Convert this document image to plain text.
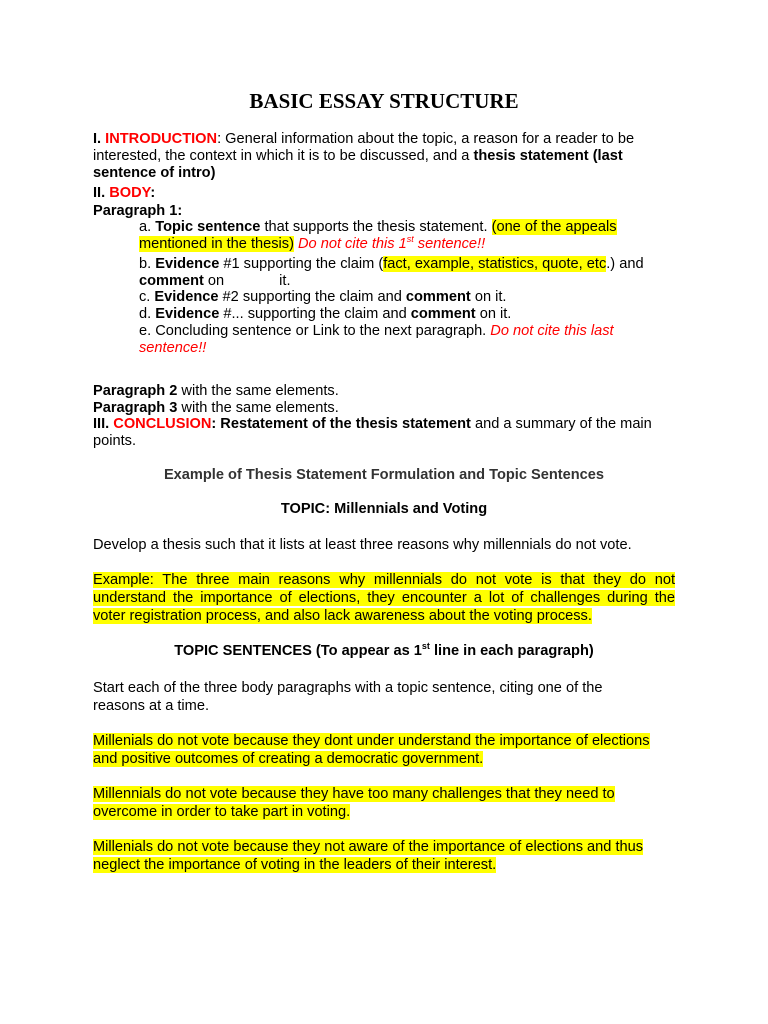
BASIC ESSAY STRUCTURE

I. INTRODUCTION: General information about the topic, a reason for a reader to be interested, the context in which it is to be discussed, and a thesis statement (last sentence of intro)

II. BODY:

Paragraph 1:

a. Topic sentence that supports the thesis statement. (one of the appeals mentioned in the thesis) Do not cite this 1st sentence!!

b. Evidence #1 supporting the claim (fact, example, statistics, quote, etc.) and comment on	it.

c. Evidence #2 supporting the claim and comment on it.

d. Evidence #... supporting the claim and comment on it.

e. Concluding sentence or Link to the next paragraph. Do not cite this last sentence!!

Paragraph 2 with the same elements.

Paragraph 3 with the same elements.

III. CONCLUSION: Restatement of the thesis statement and a summary of the main points.

Example of Thesis Statement Formulation and Topic Sentences

TOPIC: Millennials and Voting

Develop a thesis such that it lists at least three reasons why millennials do not vote.

Example: The three main reasons why millennials do not vote is that they do not understand the importance of elections, they encounter a lot of challenges during the voter registration process, and also lack awareness about the voting process.

TOPIC SENTENCES (To appear as 1st line in each paragraph)

Start each of the three body paragraphs with a topic sentence, citing one of the reasons at a time.

Millenials do not vote because they dont under understand the importance of elections and positive outcomes of creating a democratic government.

Millennials do not vote because they have too many challenges that they need to overcome in order to take part in voting.

Millenials do not vote because they not aware of the importance of elections and thus neglect the importance of voting in the leaders of their interest.
